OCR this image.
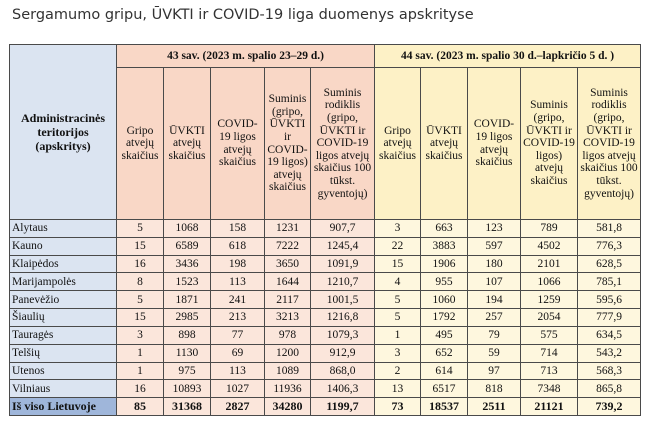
Sergamumo gripu, ŪVKTI ir COVID-19 liga duomenys apskrityse
Administracinės teritorijos (apskritys)	43 sav. (2023 m. spalio 23–29 d.)					44 sav. (2023 m. spalio 30 d.–lapkričio 5 d. )				
	Gripo atvejų skaičius	ŪVKTI atvejų skaičius	COVID-19 ligos atvejų skaičius	Suminis (gripo, ŪVKTI ir COVID-19 ligos) atvejų skaičius	Suminis rodiklis (gripo, ŪVKTI ir COVID-19 ligos atvejų skaičius 100 tūkst. gyventojų)	Gripo atvejų skaičius	ŪVKTI atvejų skaičius	COVID-19 ligos atvejų skaičius	Suminis (gripo, ŪVKTI ir COVID-19 ligos) atvejų skaičius	Suminis rodiklis (gripo, ŪVKTI ir COVID-19 ligos atvejų skaičius 100 tūkst. gyventojų)
Alytaus	5	1068	158	1231	907,7	3	663	123	789	581,8
Kauno	15	6589	618	7222	1245,4	22	3883	597	4502	776,3
Klaipėdos	16	3436	198	3650	1091,9	15	1906	180	2101	628,5
Marijampolės	8	1523	113	1644	1210,7	4	955	107	1066	785,1
Panevėžio	5	1871	241	2117	1001,5	5	1060	194	1259	595,6
Šiaulių	15	2985	213	3213	1216,8	5	1792	257	2054	777,9
Tauragės	3	898	77	978	1079,3	1	495	79	575	634,5
Telšių	1	1130	69	1200	912,9	3	652	59	714	543,2
Utenos	1	975	113	1089	868,0	2	614	97	713	568,3
Vilniaus	16	10893	1027	11936	1406,3	13	6517	818	7348	865,8
Iš viso Lietuvoje	85	31368	2827	34280	1199,7	73	18537	2511	21121	739,2
